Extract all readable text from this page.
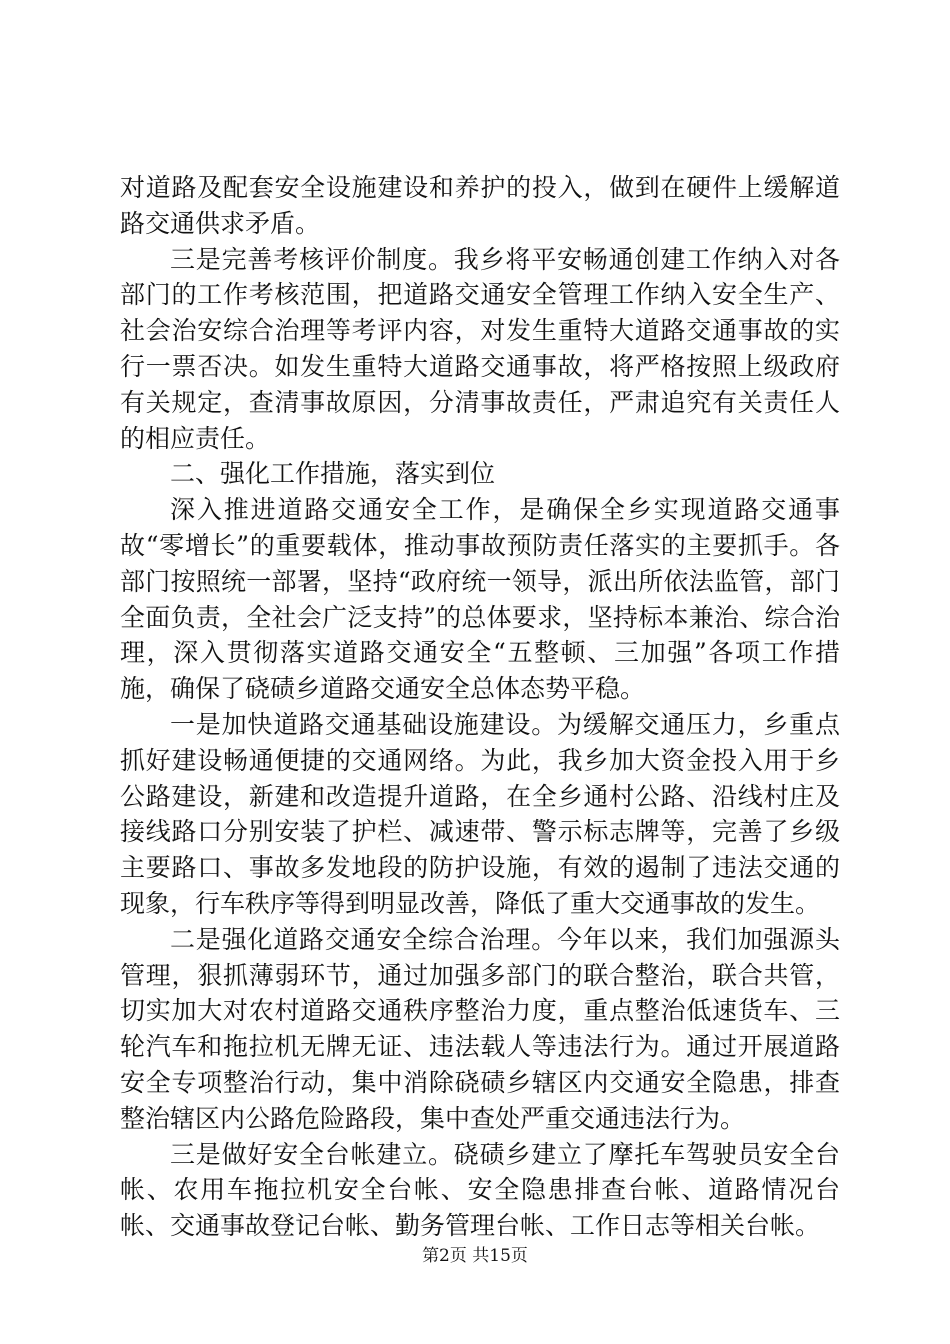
对道路及配套安全设施建设和养护的投入，做到在硬件上缓解道路交通供求矛盾。

三是完善考核评价制度。我乡将平安畅通创建工作纳入对各部门的工作考核范围，把道路交通安全管理工作纳入安全生产、社会治安综合治理等考评内容，对发生重特大道路交通事故的实行一票否决。如发生重特大道路交通事故，将严格按照上级政府有关规定，查清事故原因，分清事故责任，严肃追究有关责任人的相应责任。

二、强化工作措施，落实到位

深入推进道路交通安全工作，是确保全乡实现道路交通事故“零增长”的重要载体，推动事故预防责任落实的主要抓手。各部门按照统一部署，坚持“政府统一领导，派出所依法监管，部门全面负责，全社会广泛支持”的总体要求，坚持标本兼治、综合治理，深入贯彻落实道路交通安全“五整顿、三加强”各项工作措施，确保了硗碛乡道路交通安全总体态势平稳。

一是加快道路交通基础设施建设。为缓解交通压力，乡重点抓好建设畅通便捷的交通网络。为此，我乡加大资金投入用于乡公路建设，新建和改造提升道路，在全乡通村公路、沿线村庄及接线路口分别安装了护栏、减速带、警示标志牌等，完善了乡级主要路口、事故多发地段的防护设施，有效的遏制了违法交通的现象，行车秩序等得到明显改善，降低了重大交通事故的发生。

二是强化道路交通安全综合治理。今年以来，我们加强源头管理，狠抓薄弱环节，通过加强多部门的联合整治，联合共管，切实加大对农村道路交通秩序整治力度，重点整治低速货车、三轮汽车和拖拉机无牌无证、违法载人等违法行为。通过开展道路安全专项整治行动，集中消除硗碛乡辖区内交通安全隐患，排查整治辖区内公路危险路段，集中查处严重交通违法行为。

三是做好安全台帐建立。硗碛乡建立了摩托车驾驶员安全台帐、农用车拖拉机安全台帐、安全隐患排查台帐、道路情况台帐、交通事故登记台帐、勤务管理台帐、工作日志等相关台帐。

第2页 共15页
